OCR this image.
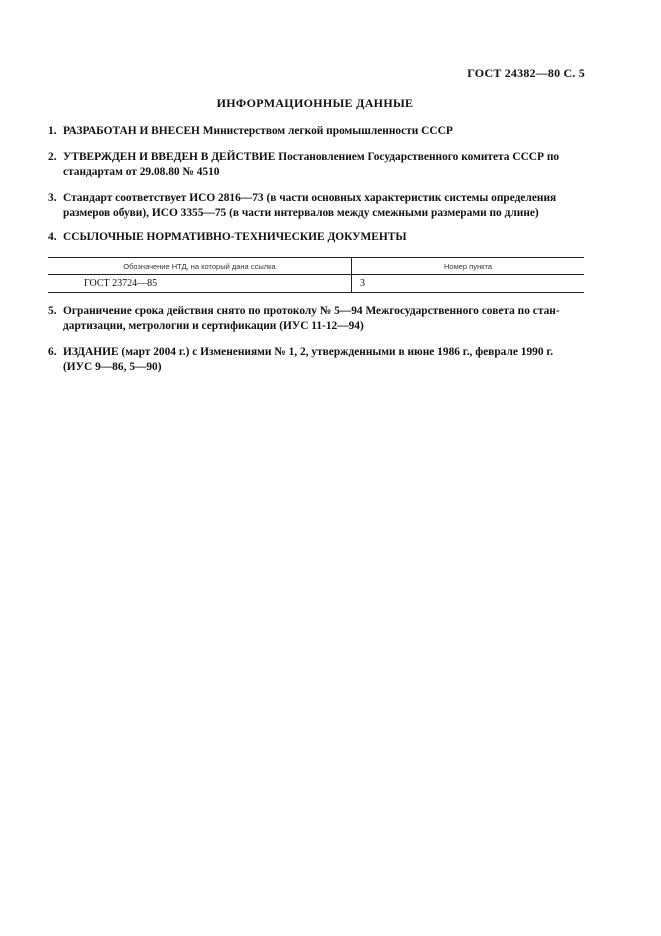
ГОСТ 24382—80 С. 5
ИНФОРМАЦИОННЫЕ ДАННЫЕ
1. РАЗРАБОТАН И ВНЕСЕН Министерством легкой промышленности СССР
2. УТВЕРЖДЕН И ВВЕДЕН В ДЕЙСТВИЕ Постановлением Государственного комитета СССР по
стандартам от 29.08.80 № 4510
3. Стандарт соответствует ИСО 2816—73 (в части основных характеристик системы определения
размеров обуви), ИСО 3355—75 (в части интервалов между смежными размерами по длине)
4. ССЫЛОЧНЫЕ НОРМАТИВНО-ТЕХНИЧЕСКИЕ ДОКУМЕНТЫ
Обозначение НТД, на который дана ссылка	Номер пункта
ГОСТ 23724—85	3
5. Ограничение срока действия снято по протоколу № 5—94 Межгосударственного совета по стан-
дартизации, метрологии и сертификации (ИУС 11-12—94)
6. ИЗДАНИЕ (март 2004 г.) с Изменениями № 1, 2, утвержденными в июне 1986 г., феврале 1990 г.
(ИУС 9—86, 5—90)
